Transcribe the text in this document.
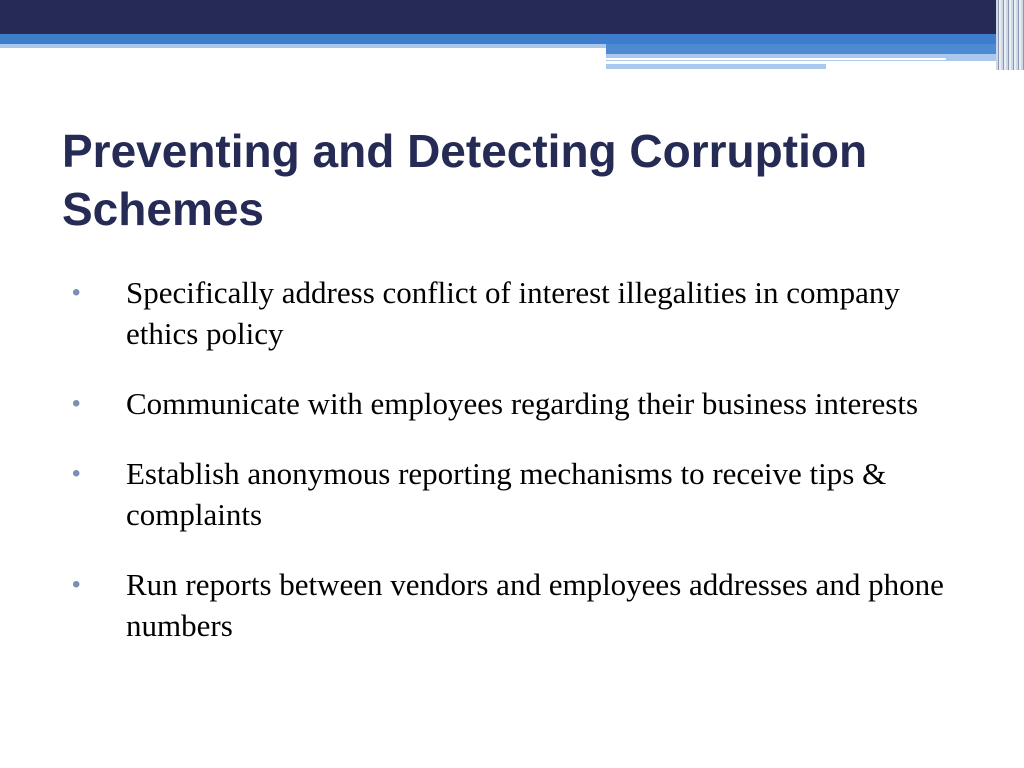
Preventing and Detecting Corruption Schemes
• Specifically address conflict of interest illegalities in company ethics policy
• Communicate with employees regarding their business interests
• Establish anonymous reporting mechanisms to receive tips & complaints
• Run reports between vendors and employees addresses and phone numbers
